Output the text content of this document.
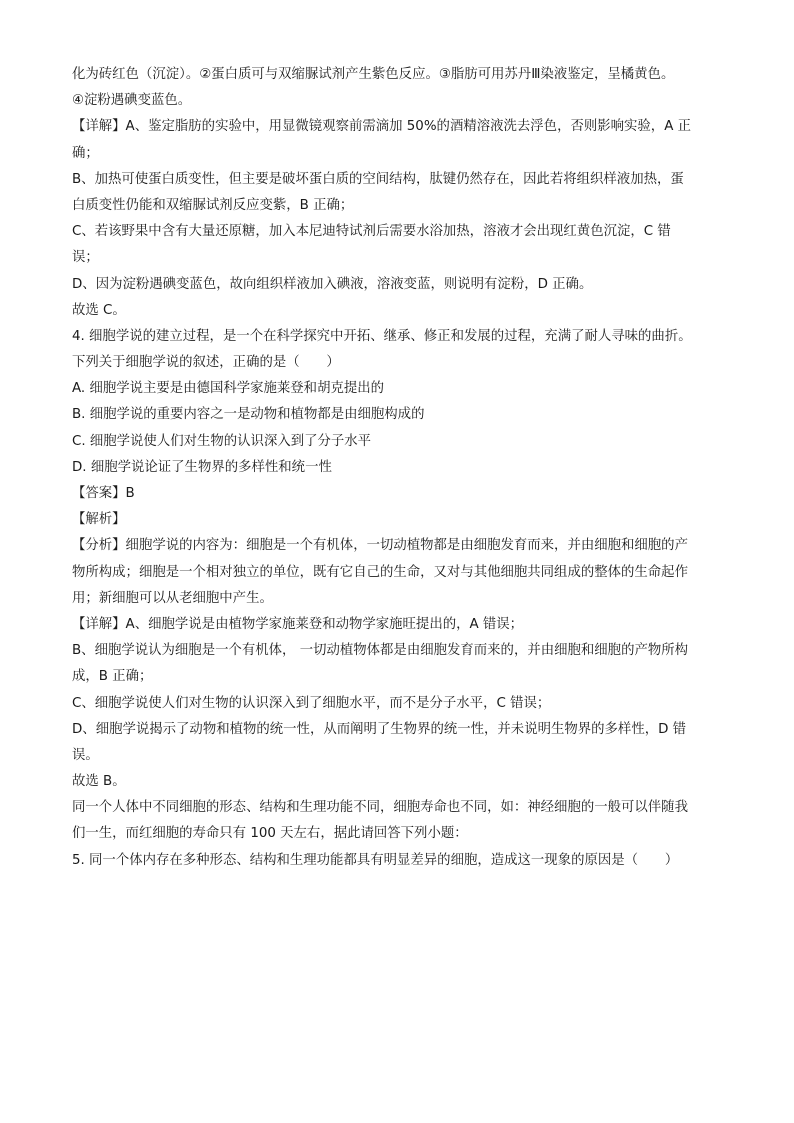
化为砖红色（沉淀）。②蛋白质可与双缩脲试剂产生紫色反应。③脂肪可用苏丹Ⅲ染液鉴定，呈橘黄色。
④淀粉遇碘变蓝色。
【详解】A、鉴定脂肪的实验中，用显微镜观察前需滴加 50%的酒精溶液洗去浮色，否则影响实验，A 正
确；
B、加热可使蛋白质变性，但主要是破坏蛋白质的空间结构，肽键仍然存在，因此若将组织样液加热，蛋
白质变性仍能和双缩脲试剂反应变紫，B 正确；
C、若该野果中含有大量还原糖，加入本尼迪特试剂后需要水浴加热，溶液才会出现红黄色沉淀，C 错
误；
D、因为淀粉遇碘变蓝色，故向组织样液加入碘液，溶液变蓝，则说明有淀粉，D 正确。
故选 C。
4. 细胞学说的建立过程，是一个在科学探究中开拓、继承、修正和发展的过程，充满了耐人寻味的曲折。
下列关于细胞学说的叙述，正确的是（　　）
A. 细胞学说主要是由德国科学家施莱登和胡克提出的
B. 细胞学说的重要内容之一是动物和植物都是由细胞构成的
C. 细胞学说使人们对生物的认识深入到了分子水平
D. 细胞学说论证了生物界的多样性和统一性
【答案】B
【解析】
【分析】细胞学说的内容为：细胞是一个有机体，一切动植物都是由细胞发育而来，并由细胞和细胞的产
物所构成；细胞是一个相对独立的单位，既有它自己的生命，又对与其他细胞共同组成的整体的生命起作
用；新细胞可以从老细胞中产生。
【详解】A、细胞学说是由植物学家施莱登和动物学家施旺提出的，A 错误；
B、细胞学说认为细胞是一个有机体， 一切动植物体都是由细胞发育而来的，并由细胞和细胞的产物所构
成，B 正确；
C、细胞学说使人们对生物的认识深入到了细胞水平，而不是分子水平，C 错误；
D、细胞学说揭示了动物和植物的统一性，从而阐明了生物界的统一性，并未说明生物界的多样性，D 错
误。
故选 B。
同一个人体中不同细胞的形态、结构和生理功能不同，细胞寿命也不同，如：神经细胞的一般可以伴随我
们一生，而红细胞的寿命只有 100 天左右，据此请回答下列小题：
5. 同一个体内存在多种形态、结构和生理功能都具有明显差异的细胞，造成这一现象的原因是（　　）
